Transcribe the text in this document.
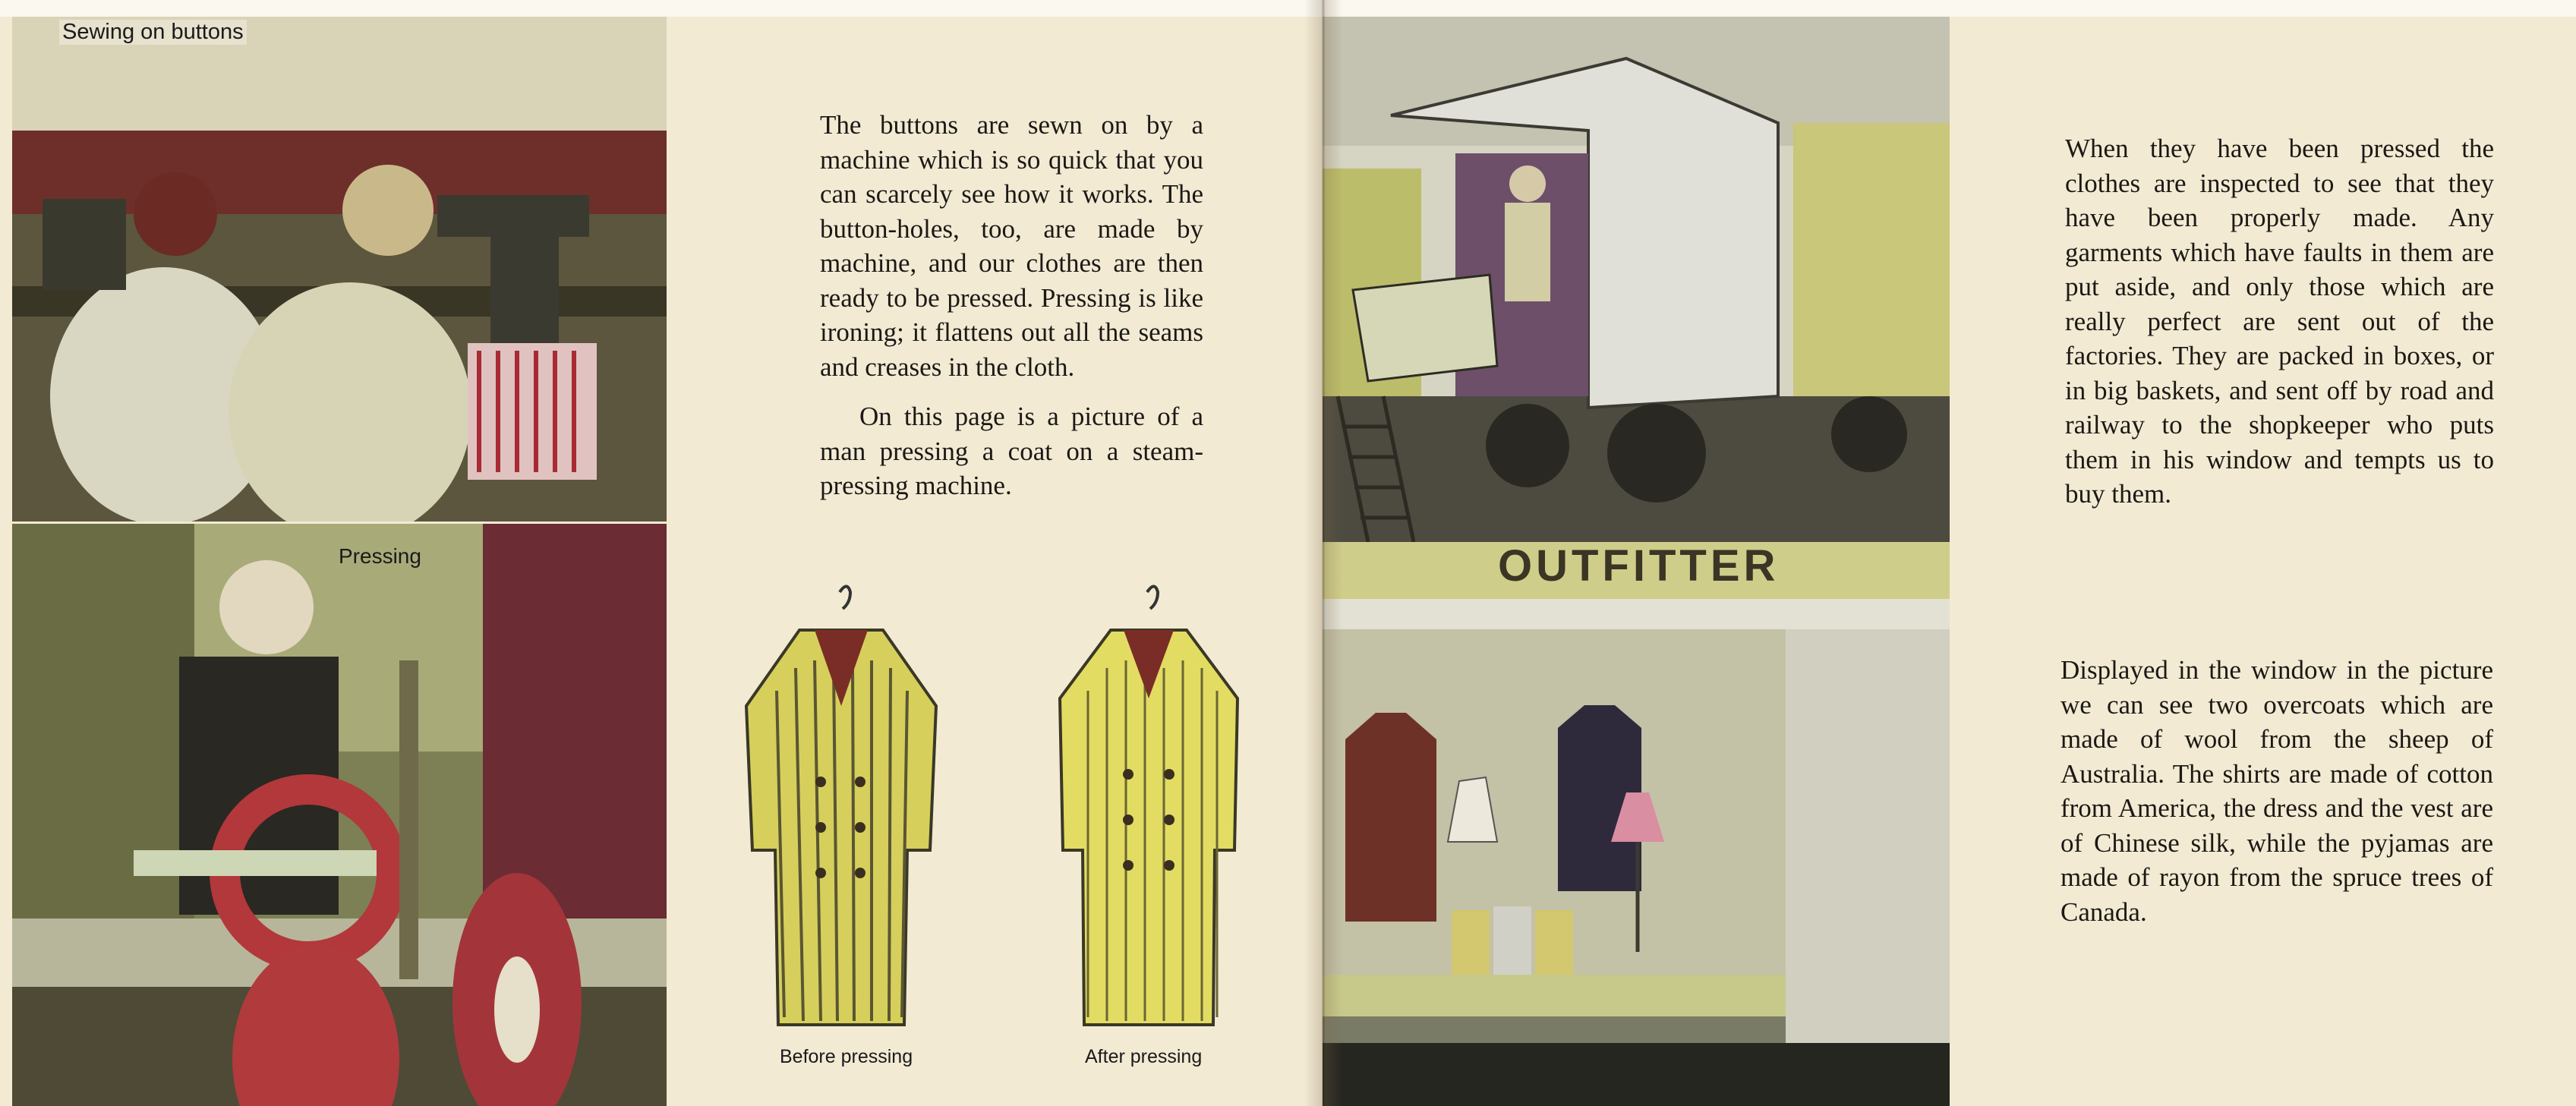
Sewing on buttons
Pressing

The buttons are sewn on by a machine which is so quick that you can scarcely see how it works. The button-holes, too, are made by machine, and our clothes are then ready to be pressed. Pressing is like ironing; it flattens out all the seams and creases in the cloth.

On this page is a picture of a man pressing a coat on a steam-pressing machine.

Before pressing	After pressing
OUTFITTER

When they have been pressed the clothes are inspected to see that they have been properly made. Any garments which have faults in them are put aside, and only those which are really perfect are sent out of the factories. They are packed in boxes, or in big baskets, and sent off by road and railway to the shopkeeper who puts them in his window and tempts us to buy them.

Displayed in the window in the picture we can see two overcoats which are made of wool from the sheep of Australia. The shirts are made of cotton from America, the dress and the vest are of Chinese silk, while the pyjamas are made of rayon from the spruce trees of Canada.
